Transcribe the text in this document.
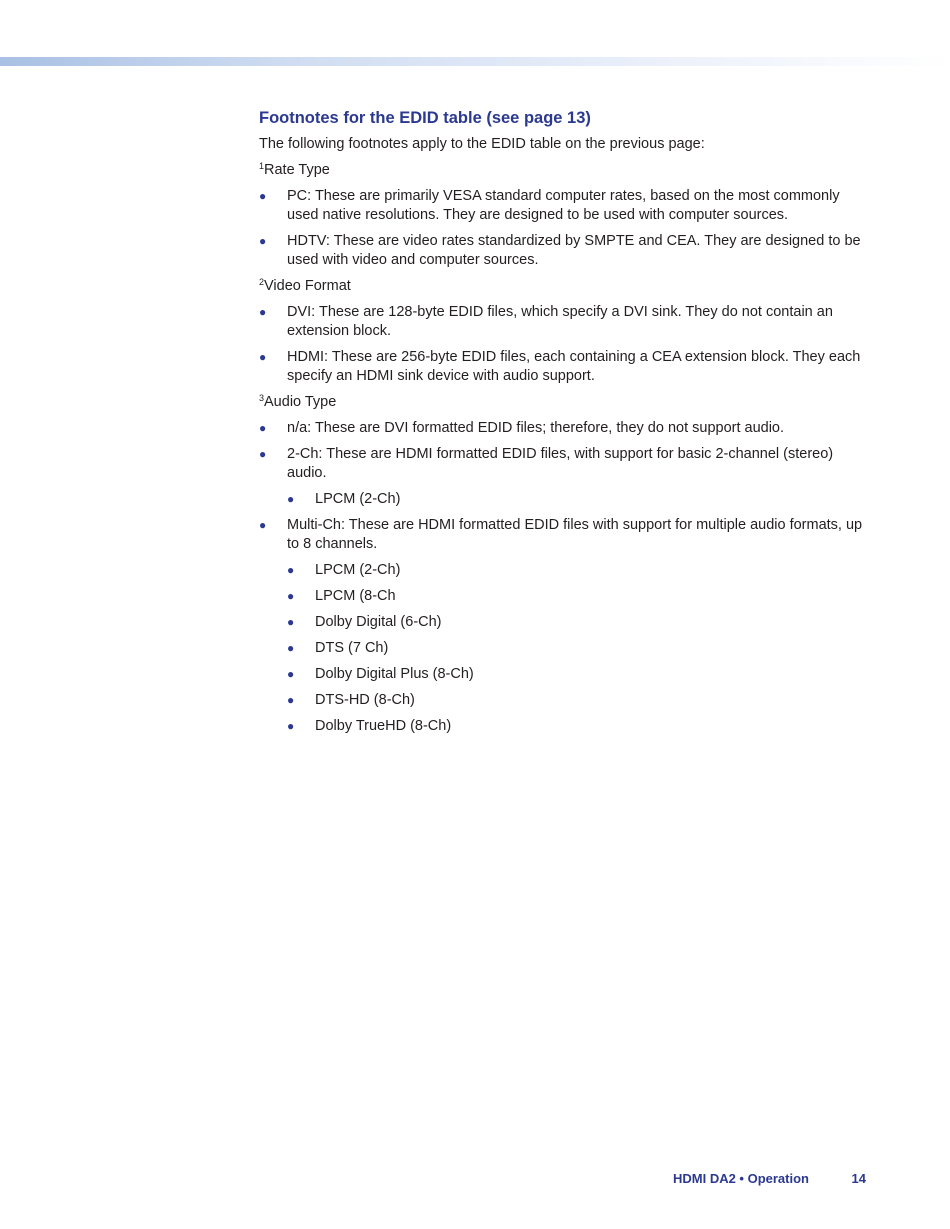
Footnotes for the EDID table (see page 13)
The following footnotes apply to the EDID table on the previous page:
$^1$Rate Type
● PC: These are primarily VESA standard computer rates, based on the most commonly used native resolutions. They are designed to be used with computer sources.
● HDTV: These are video rates standardized by SMPTE and CEA. They are designed to be used with video and computer sources.
$^2$Video Format
● DVI: These are 128-byte EDID files, which specify a DVI sink. They do not contain an extension block.
● HDMI: These are 256-byte EDID files, each containing a CEA extension block. They each specify an HDMI sink device with audio support.
$^3$Audio Type
● n/a: These are DVI formatted EDID files; therefore, they do not support audio.
● 2-Ch: These are HDMI formatted EDID files, with support for basic 2-channel (stereo) audio.
● LPCM (2-Ch)
● Multi-Ch: These are HDMI formatted EDID files with support for multiple audio formats, up to 8 channels.
● LPCM (2-Ch)
● LPCM (8-Ch
● Dolby Digital (6-Ch)
● DTS (7 Ch)
● Dolby Digital Plus (8-Ch)
● DTS-HD (8-Ch)
● Dolby TrueHD (8-Ch)
HDMI DA2 • Operation	14
